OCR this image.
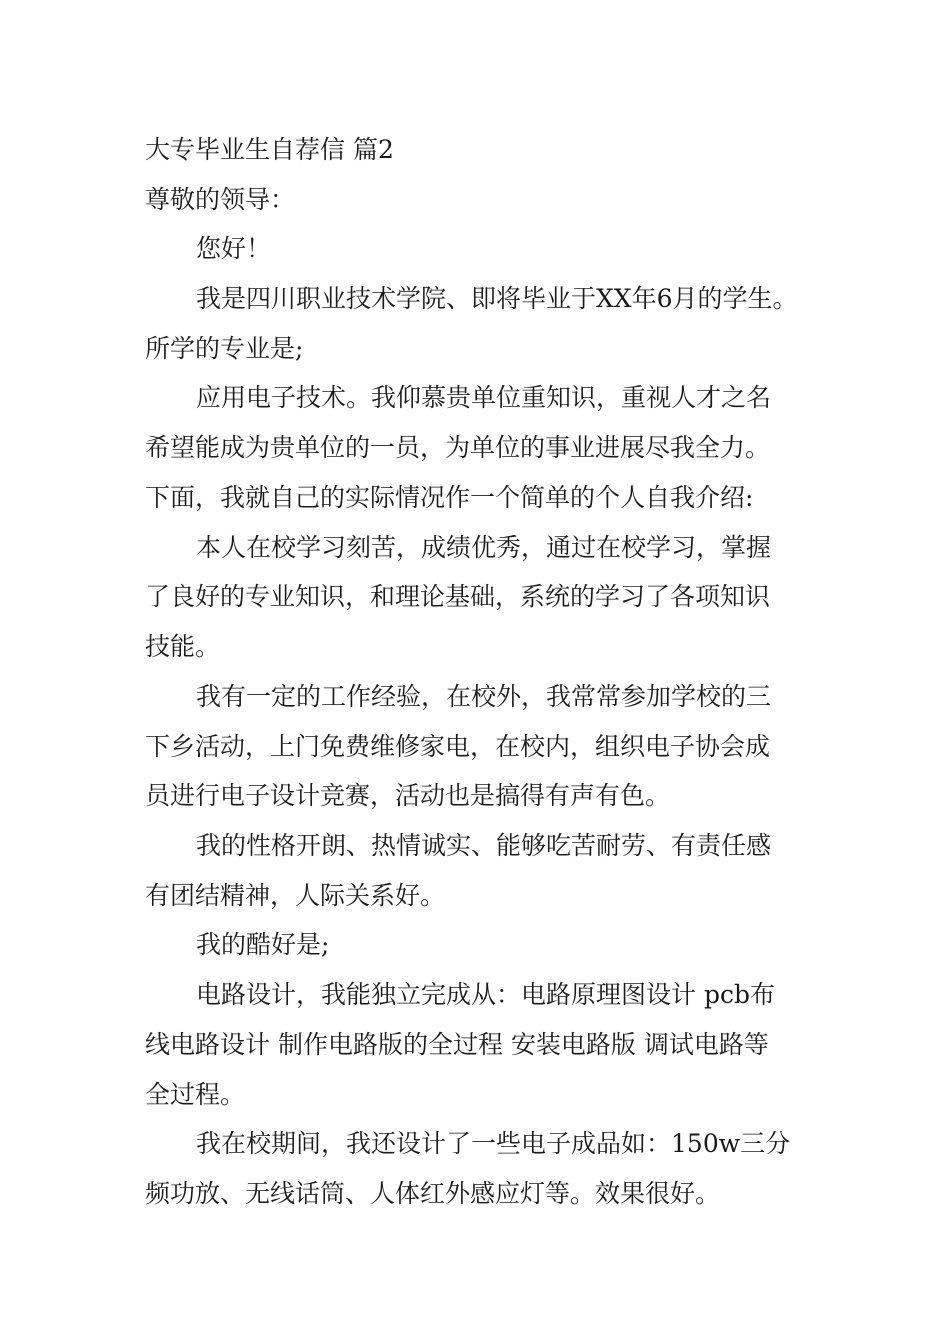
大专毕业生自荐信 篇2

尊敬的领导：

您好！

我是四川职业技术学院、即将毕业于XX年6月的学生。

所学的专业是;

应用电子技术。我仰慕贵单位重知识，重视人才之名

希望能成为贵单位的一员，为单位的事业进展尽我全力。

下面，我就自己的实际情况作一个简单的个人自我介绍:

本人在校学习刻苦，成绩优秀，通过在校学习，掌握

了良好的专业知识，和理论基础，系统的学习了各项知识

技能。

我有一定的工作经验，在校外，我常常参加学校的三

下乡活动，上门免费维修家电，在校内，组织电子协会成

员进行电子设计竞赛，活动也是搞得有声有色。

我的性格开朗、热情诚实、能够吃苦耐劳、有责任感

有团结精神，人际关系好。

我的酷好是;

电路设计，我能独立完成从：电路原理图设计 pcb布

线电路设计 制作电路版的全过程 安装电路版 调试电路等

全过程。

我在校期间，我还设计了一些电子成品如：150w三分

频功放、无线话筒、人体红外感应灯等。效果很好。
